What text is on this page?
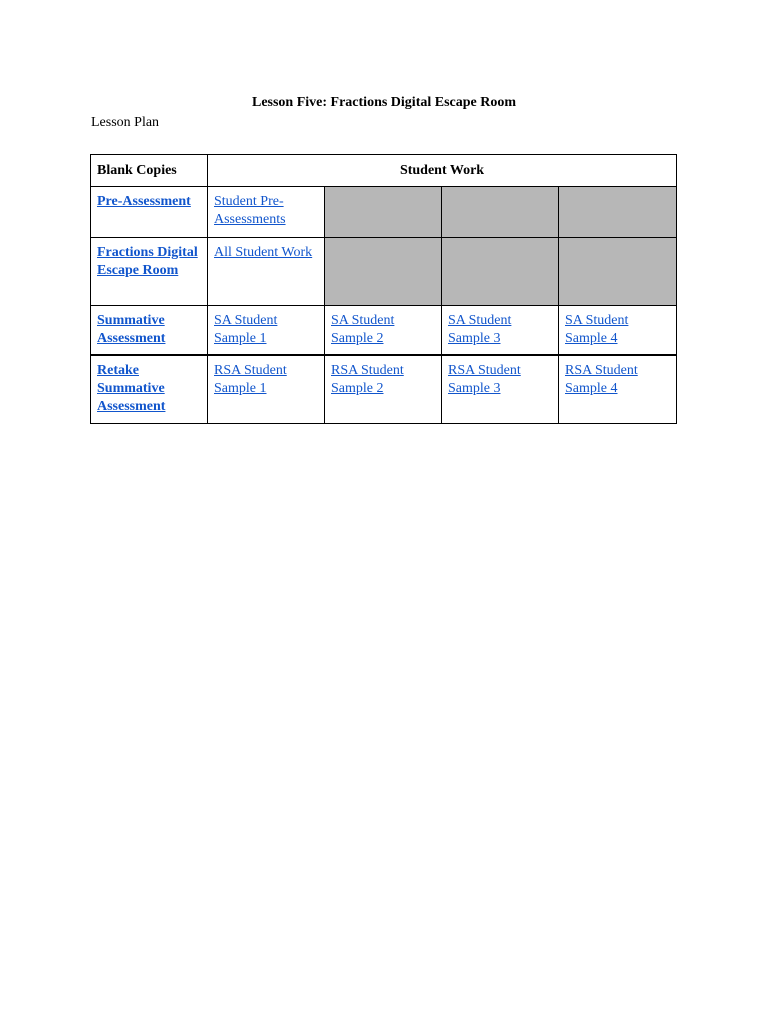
Lesson Five: Fractions Digital Escape Room
Lesson Plan
Blank Copies	Student Work			
Pre-Assessment	Student Pre-Assessments			
Fractions Digital Escape Room	All Student Work			
Summative Assessment	SA Student Sample 1	SA Student Sample 2	SA Student Sample 3	SA Student Sample 4
Retake Summative Assessment	RSA Student Sample 1	RSA Student Sample 2	RSA Student Sample 3	RSA Student Sample 4
